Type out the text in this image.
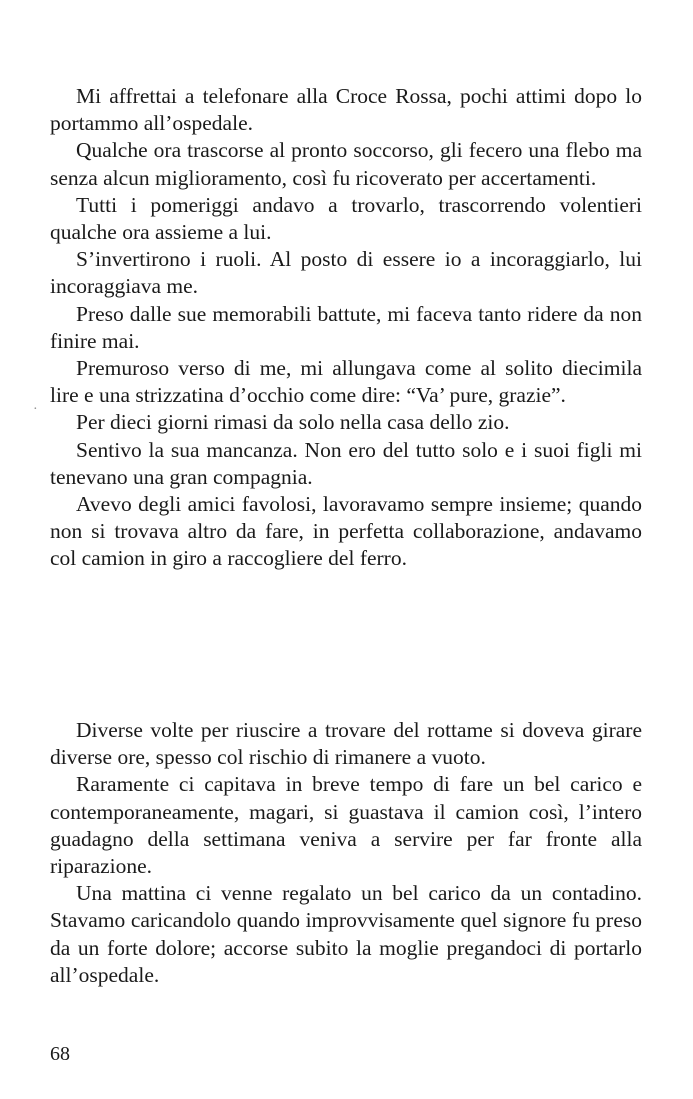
Mi affrettai a telefonare alla Croce Rossa, pochi attimi dopo lo portammo all’ospedale.

Qualche ora trascorse al pronto soccorso, gli fecero una flebo ma senza alcun miglioramento, così fu ricoverato per accertamenti.

Tutti i pomeriggi andavo a trovarlo, trascorrendo volentieri qualche ora assieme a lui.

S’invertirono i ruoli. Al posto di essere io a incoraggiarlo, lui incoraggiava me.

Preso dalle sue memorabili battute, mi faceva tanto ridere da non finire mai.

Premuroso verso di me, mi allungava come al solito diecimila lire e una strizzatina d’occhio come dire: “Va’ pure, grazie”.

Per dieci giorni rimasi da solo nella casa dello zio.

Sentivo la sua mancanza. Non ero del tutto solo e i suoi figli mi tenevano una gran compagnia.

Avevo degli amici favolosi, lavoravamo sempre insieme; quando non si trovava altro da fare, in perfetta collaborazione, andavamo col camion in giro a raccogliere del ferro.

·

Diverse volte per riuscire a trovare del rottame si doveva girare diverse ore, spesso col rischio di rimanere a vuoto.

Raramente ci capitava in breve tempo di fare un bel carico e contemporaneamente, magari, si guastava il camion così, l’intero guadagno della settimana veniva a servire per far fronte alla riparazione.

Una mattina ci venne regalato un bel carico da un contadino. Stavamo caricandolo quando improvvisamente quel signore fu preso da un forte dolore; accorse subito la moglie pregandoci di portarlo all’ospedale.

68
